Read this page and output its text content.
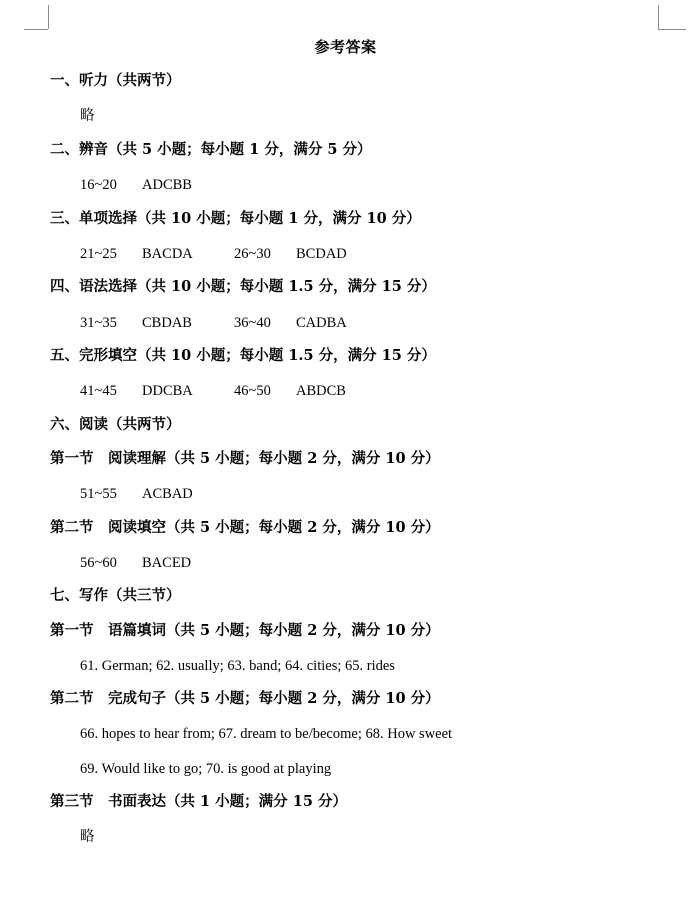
参考答案
一、听力（共两节）
略
二、辨音（共 5 小题；每小题 1 分，满分 5 分）
16~20 ADCBB
三、单项选择（共 10 小题；每小题 1 分，满分 10 分）
21~25 BACDA	26~30 BCDAD
四、语法选择（共 10 小题；每小题 1.5 分，满分 15 分）
31~35 CBDAB	36~40 CADBA
五、完形填空（共 10 小题；每小题 1.5 分，满分 15 分）
41~45 DDCBA	46~50 ABDCB
六、阅读（共两节）
第一节　阅读理解（共 5 小题；每小题 2 分，满分 10 分）
51~55 ACBAD
第二节　阅读填空（共 5 小题；每小题 2 分，满分 10 分）
56~60 BACED
七、写作（共三节）
第一节　语篇填词（共 5 小题；每小题 2 分，满分 10 分）
61. German; 62. usually; 63. band; 64. cities; 65. rides
第二节　完成句子（共 5 小题；每小题 2 分，满分 10 分）
66. hopes to hear from; 67. dream to be/become; 68. How sweet
69. Would like to go; 70. is good at playing
第三节　书面表达（共 1 小题；满分 15 分）
略
